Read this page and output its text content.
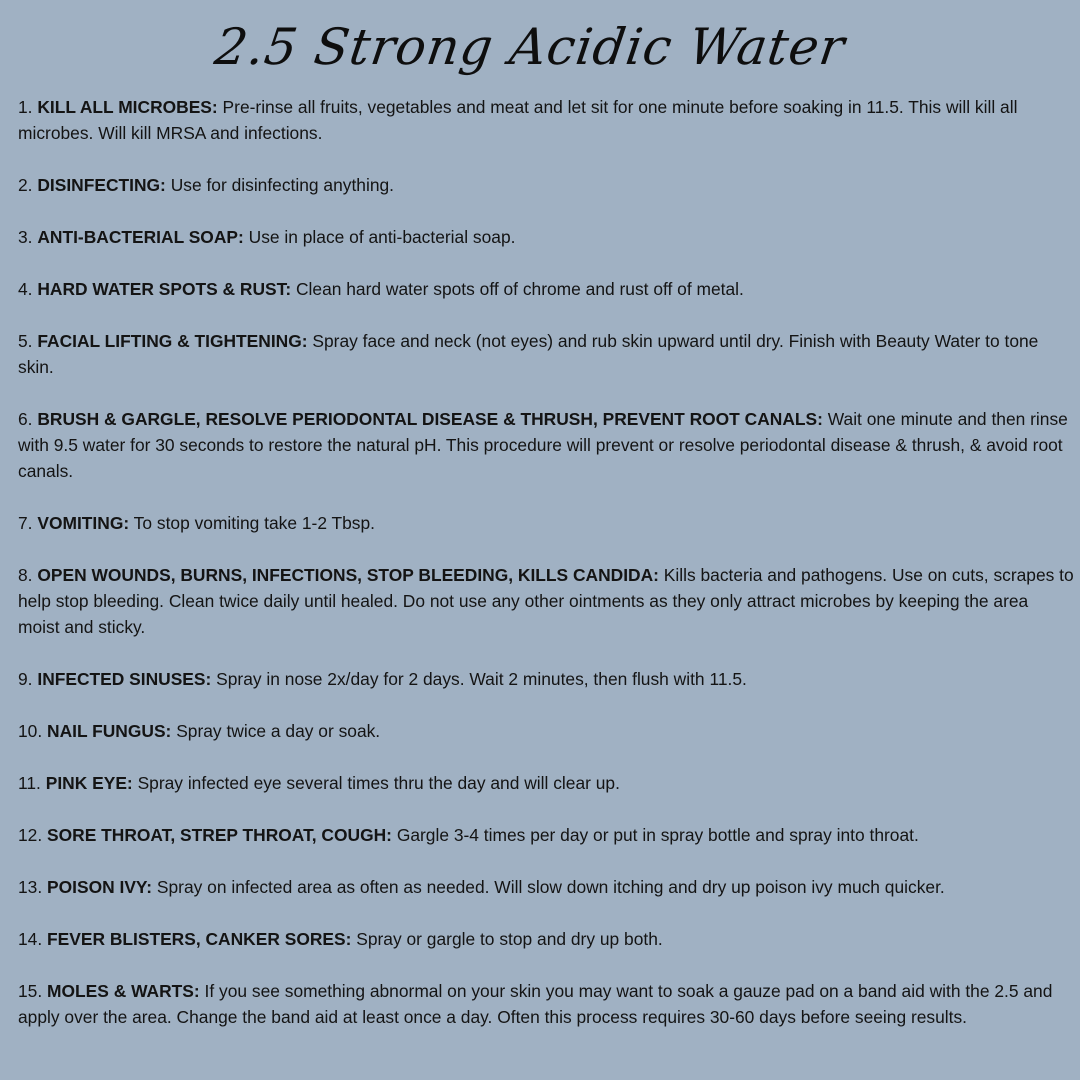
2.5 Strong Acidic Water
1. KILL ALL MICROBES: Pre-rinse all fruits, vegetables and meat and let sit for one minute before soaking in 11.5. This will kill all microbes. Will kill MRSA and infections.
2. DISINFECTING: Use for disinfecting anything.
3. ANTI-BACTERIAL SOAP: Use in place of anti-bacterial soap.
4. HARD WATER SPOTS & RUST: Clean hard water spots off of chrome and rust off of metal.
5. FACIAL LIFTING & TIGHTENING: Spray face and neck (not eyes) and rub skin upward until dry. Finish with Beauty Water to tone skin.
6. BRUSH & GARGLE, RESOLVE PERIODONTAL DISEASE & THRUSH, PREVENT ROOT CANALS: Wait one minute and then rinse with 9.5 water for 30 seconds to restore the natural pH. This procedure will prevent or resolve periodontal disease & thrush, & avoid root canals.
7. VOMITING: To stop vomiting take 1-2 Tbsp.
8. OPEN WOUNDS, BURNS, INFECTIONS, STOP BLEEDING, KILLS CANDIDA: Kills bacteria and pathogens. Use on cuts, scrapes to help stop bleeding. Clean twice daily until healed. Do not use any other ointments as they only attract microbes by keeping the area moist and sticky.
9. INFECTED SINUSES: Spray in nose 2x/day for 2 days. Wait 2 minutes, then flush with 11.5.
10. NAIL FUNGUS: Spray twice a day or soak.
11. PINK EYE: Spray infected eye several times thru the day and will clear up.
12. SORE THROAT, STREP THROAT, COUGH: Gargle 3-4 times per day or put in spray bottle and spray into throat.
13. POISON IVY: Spray on infected area as often as needed. Will slow down itching and dry up poison ivy much quicker.
14. FEVER BLISTERS, CANKER SORES: Spray or gargle to stop and dry up both.
15. MOLES & WARTS: If you see something abnormal on your skin you may want to soak a gauze pad on a band aid with the 2.5 and apply over the area. Change the band aid at least once a day. Often this process requires 30-60 days before seeing results.
